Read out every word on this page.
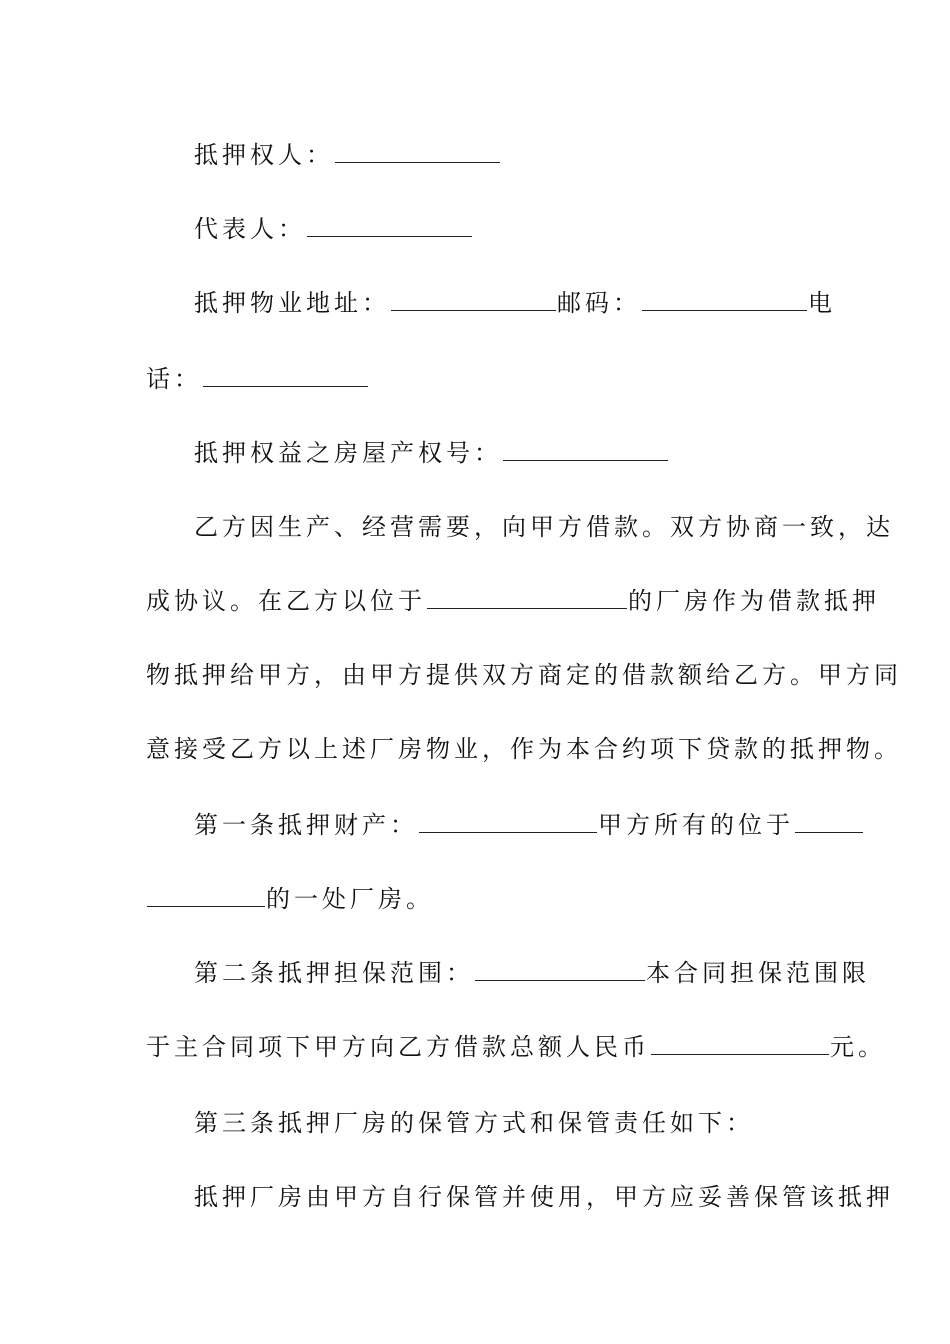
抵押权人：
代表人：
抵押物业地址：	邮码：	电
话：
抵押权益之房屋产权号：
乙方因生产、经营需要，向甲方借款。双方协商一致，达
成协议。在乙方以位于	的厂房作为借款抵押
物抵押给甲方，由甲方提供双方商定的借款额给乙方。甲方同
意接受乙方以上述厂房物业，作为本合约项下贷款的抵押物。
第一条抵押财产：	甲方所有的位于
的一处厂房。
第二条抵押担保范围：	本合同担保范围限
于主合同项下甲方向乙方借款总额人民币	元。
第三条抵押厂房的保管方式和保管责任如下：
抵押厂房由甲方自行保管并使用，甲方应妥善保管该抵押
